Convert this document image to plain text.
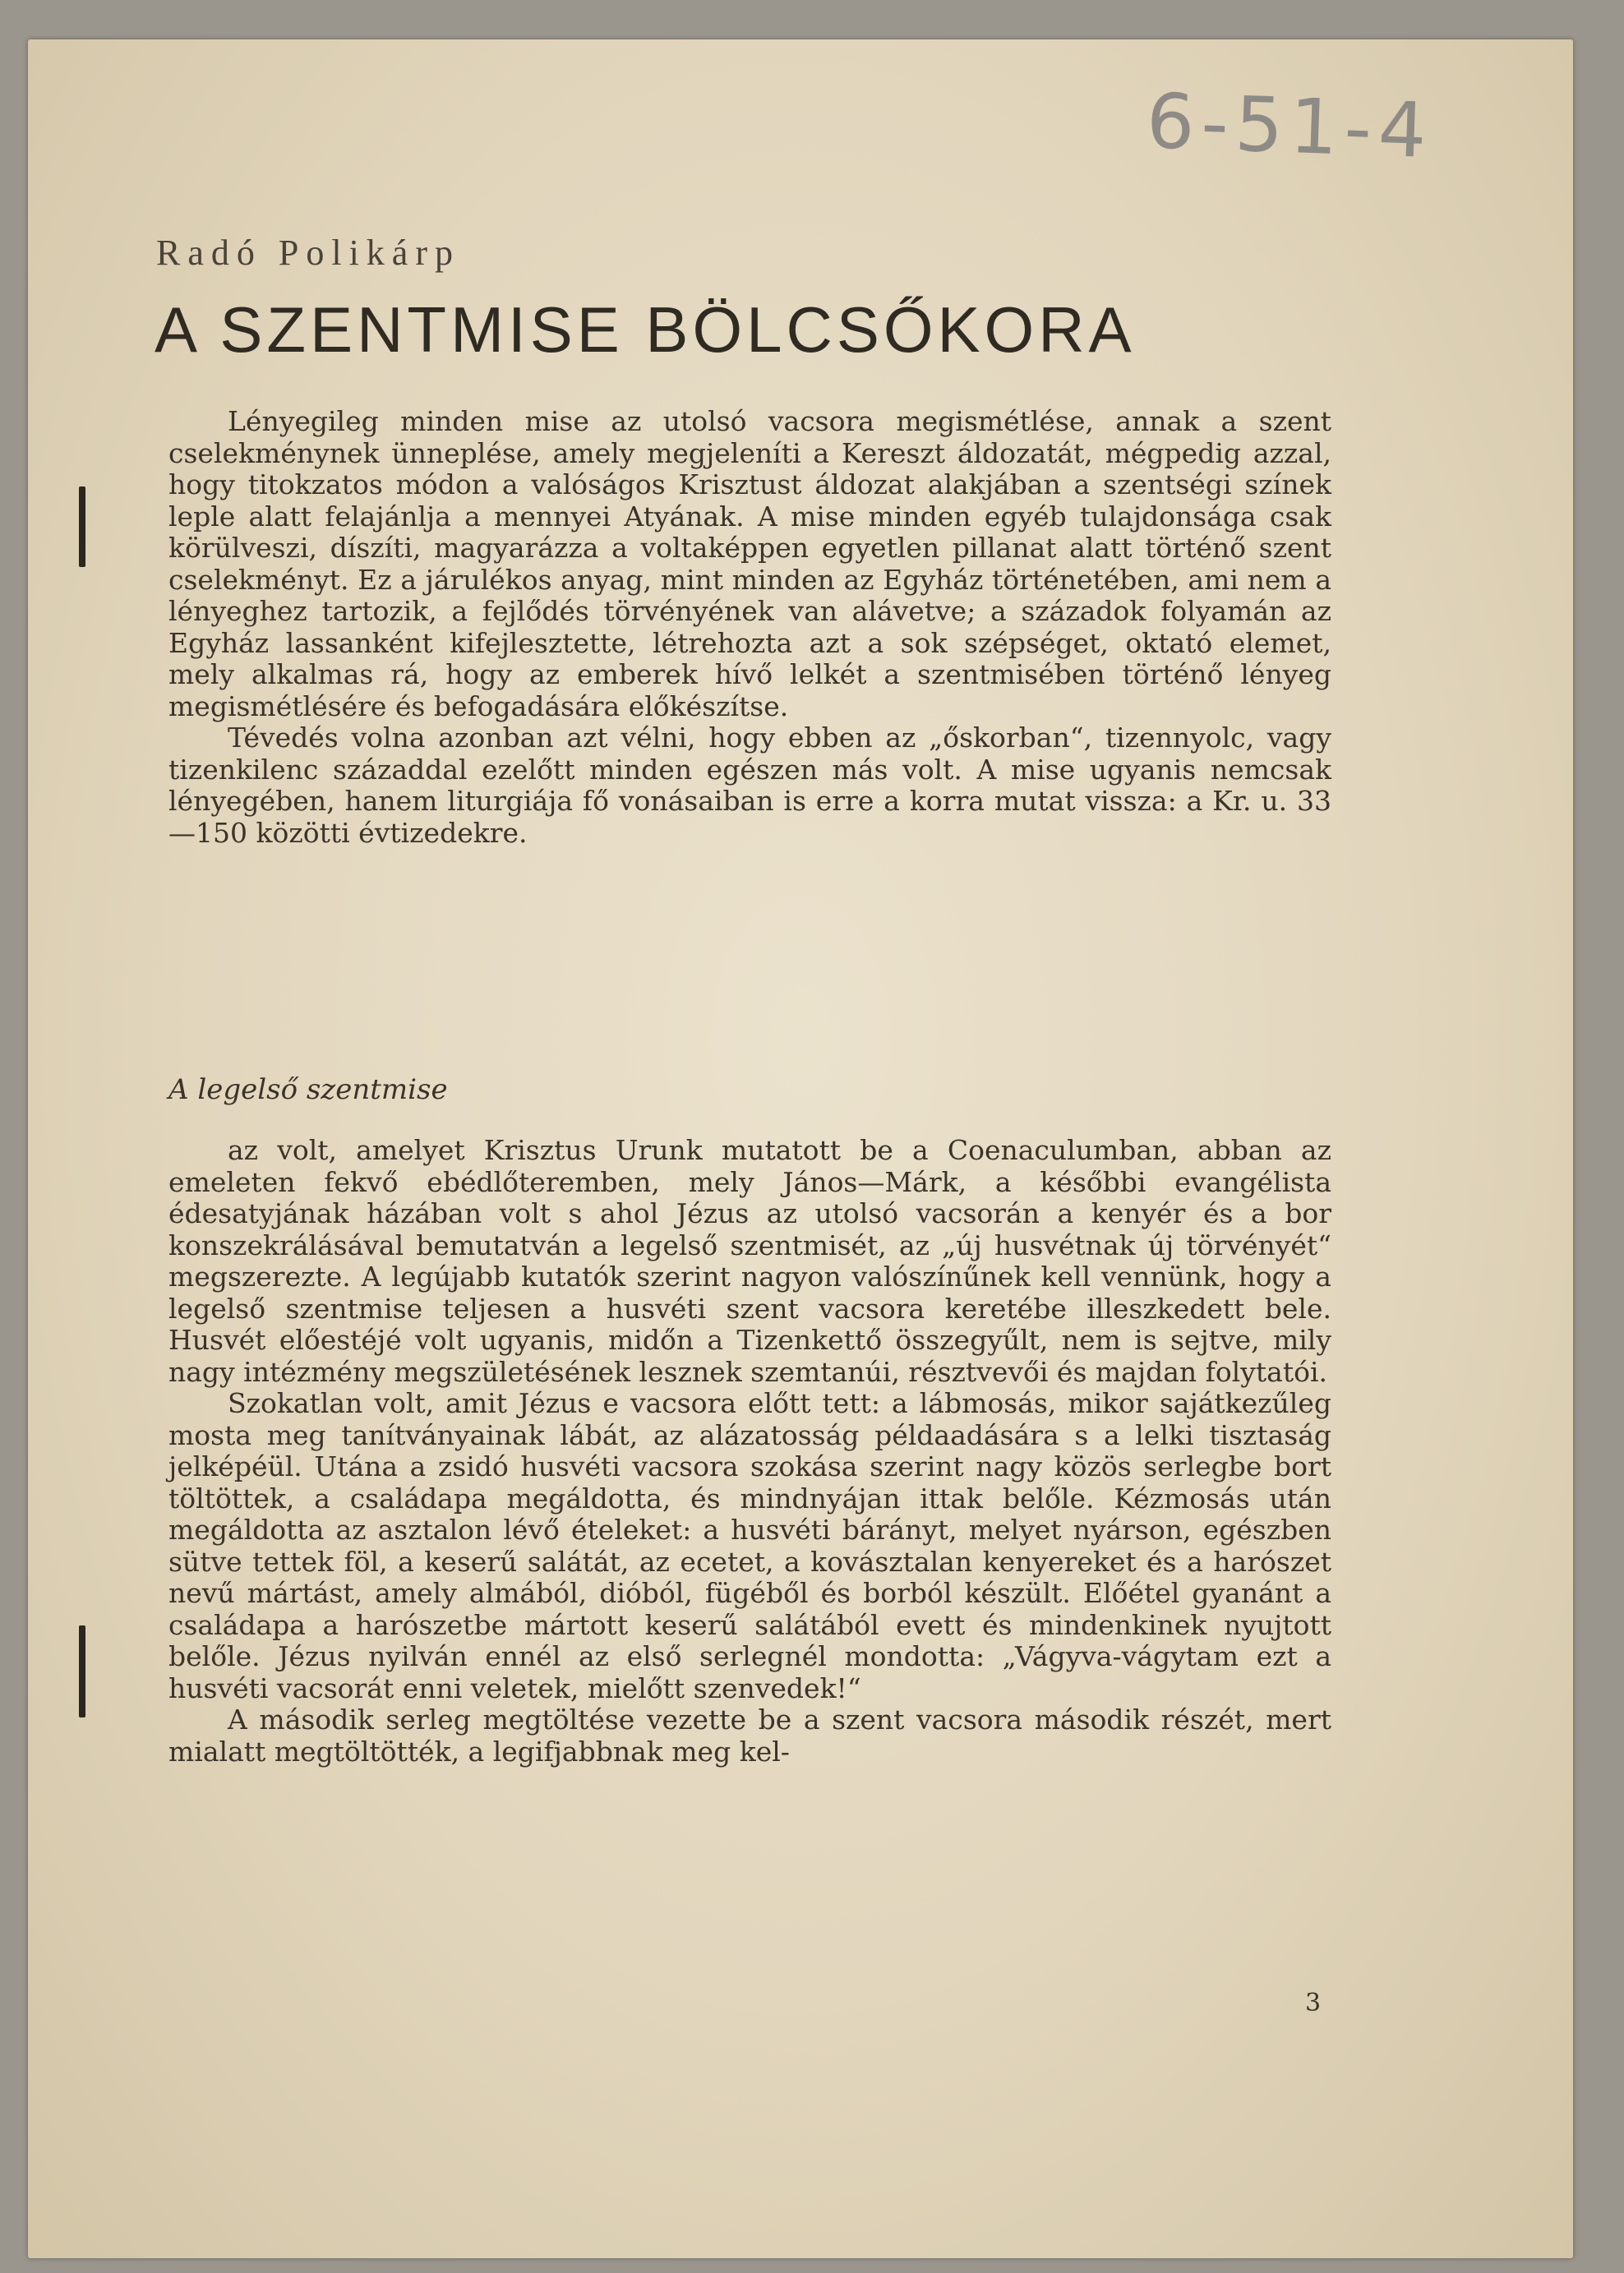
6-51-4
Radó Polikárp
A SZENTMISE BÖLCSŐKORA

Lényegileg minden mise az utolsó vacsora megismétlése, annak a szent cselekménynek ünneplése, amely megjeleníti a Kereszt áldozatát, mégpedig azzal, hogy titokzatos módon a valóságos Krisztust áldozat alakjában a szentségi színek leple alatt felajánlja a mennyei Atyának. A mise minden egyéb tulajdonsága csak körülveszi, díszíti, magyarázza a voltaképpen egyetlen pillanat alatt történő szent cselekményt. Ez a járulékos anyag, mint minden az Egyház történetében, ami nem a lényeghez tartozik, a fejlődés törvényének van alávetve; a századok folyamán az Egyház lassanként kifejlesztette, létrehozta azt a sok szépséget, oktató elemet, mely alkalmas rá, hogy az emberek hívő lelkét a szentmisében történő lényeg megismétlésére és befogadására előkészítse.

Tévedés volna azonban azt vélni, hogy ebben az „őskorban“, tizennyolc, vagy tizenkilenc századdal ezelőtt minden egészen más volt. A mise ugyanis nemcsak lényegében, hanem liturgiája fő vonásaiban is erre a korra mutat vissza: a Kr. u. 33—150 közötti évtizedekre.

A legelső szentmise

az volt, amelyet Krisztus Urunk mutatott be a Coenaculumban, abban az emeleten fekvő ebédlőteremben, mely János—Márk, a későbbi evangélista édesatyjának házában volt s ahol Jézus az utolsó vacsorán a kenyér és a bor konszekrálásával bemutatván a legelső szentmisét, az „új husvétnak új törvényét“ megszerezte. A legújabb kutatók szerint nagyon valószínűnek kell vennünk, hogy a legelső szentmise teljesen a husvéti szent vacsora keretébe illeszkedett bele. Husvét előestéjé volt ugyanis, midőn a Tizenkettő összegyűlt, nem is sejtve, mily nagy intézmény megszületésének lesznek szemtanúi, résztvevői és majdan folytatói.

Szokatlan volt, amit Jézus e vacsora előtt tett: a lábmosás, mikor sajátkezűleg mosta meg tanítványainak lábát, az alázatosság példaadására s a lelki tisztaság jelképéül. Utána a zsidó husvéti vacsora szokása szerint nagy közös serlegbe bort töltöttek, a családapa megáldotta, és mindnyájan ittak belőle. Kézmosás után megáldotta az asztalon lévő ételeket: a husvéti bárányt, melyet nyárson, egészben sütve tettek föl, a keserű salátát, az ecetet, a kovásztalan kenyereket és a harószet nevű mártást, amely almából, dióból, fügéből és borból készült. Előétel gyanánt a családapa a harószetbe mártott keserű salátából evett és mindenkinek nyujtott belőle. Jézus nyilván ennél az első serlegnél mondotta: „Vágyva-vágytam ezt a husvéti vacsorát enni veletek, mielőtt szenvedek!“

A második serleg megtöltése vezette be a szent vacsora második részét, mert mialatt megtöltötték, a legifjabbnak meg kel-

3
